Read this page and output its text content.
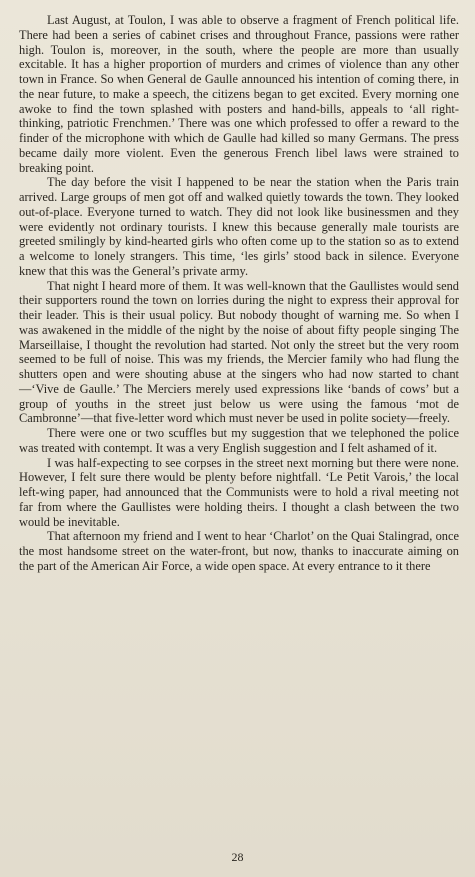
Last August, at Toulon, I was able to observe a fragment of French political life. There had been a series of cabinet crises and throughout France, passions were rather high. Toulon is, moreover, in the south, where the people are more than usually excitable. It has a higher proportion of murders and crimes of violence than any other town in France. So when General de Gaulle announced his intention of coming there, in the near future, to make a speech, the citizens began to get excited. Every morning one awoke to find the town splashed with posters and hand-bills, appeals to ‘all right-thinking, patriotic Frenchmen.’ There was one which professed to offer a reward to the finder of the microphone with which de Gaulle had killed so many Germans. The press became daily more violent. Even the generous French libel laws were strained to breaking point.

The day before the visit I happened to be near the station when the Paris train arrived. Large groups of men got off and walked quietly towards the town. They looked out-of-place. Everyone turned to watch. They did not look like businessmen and they were evidently not ordinary tourists. I knew this because generally male tourists are greeted smilingly by kind-hearted girls who often come up to the station so as to extend a welcome to lonely strangers. This time, ‘les girls’ stood back in silence. Everyone knew that this was the General’s private army.

That night I heard more of them. It was well-known that the Gaullistes would send their supporters round the town on lorries during the night to express their approval for their leader. This is their usual policy. But nobody thought of warning me. So when I was awakened in the middle of the night by the noise of about fifty people singing The Marseillaise, I thought the revolution had started. Not only the street but the very room seemed to be full of noise. This was my friends, the Mercier family who had flung the shutters open and were shouting abuse at the singers who had now started to chant—‘Vive de Gaulle.’ The Merciers merely used expressions like ‘bands of cows’ but a group of youths in the street just below us were using the famous ‘mot de Cambronne’—that five-letter word which must never be used in polite society—freely.

There were one or two scuffles but my suggestion that we telephoned the police was treated with contempt. It was a very English suggestion and I felt ashamed of it.

I was half-expecting to see corpses in the street next morning but there were none. However, I felt sure there would be plenty before nightfall. ‘Le Petit Varois,’ the local left-wing paper, had announced that the Communists were to hold a rival meeting not far from where the Gaullistes were holding theirs. I thought a clash between the two would be inevitable.

That afternoon my friend and I went to hear ‘Charlot’ on the Quai Stalingrad, once the most handsome street on the water-front, but now, thanks to inaccurate aiming on the part of the American Air Force, a wide open space. At every entrance to it there

28
